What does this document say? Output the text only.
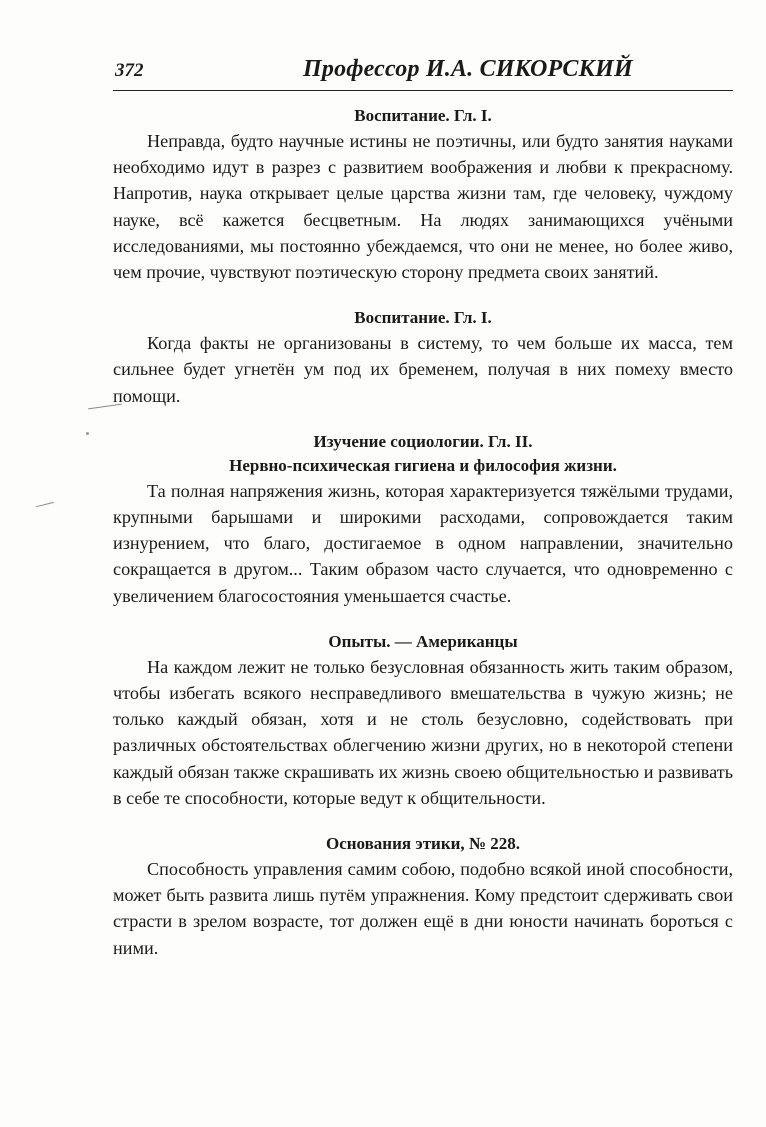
372	Профессор И.А. СИКОРСКИЙ

Воспитание. Гл. I.

Неправда, будто научные истины не поэтичны, или будто занятия науками необходимо идут в разрез с развитием воображения и любви к прекрасному. Напротив, наука открывает целые царства жизни там, где человеку, чуждому науке, всё кажется бесцветным. На людях занимающихся учёными исследованиями, мы постоянно убеждаемся, что они не менее, но более живо, чем прочие, чувствуют поэтическую сторону предмета своих занятий.

Воспитание. Гл. I.

Когда факты не организованы в систему, то чем больше их масса, тем сильнее будет угнетён ум под их бременем, получая в них помеху вместо помощи.

Изучение социологии. Гл. II.

Нервно-психическая гигиена и философия жизни.

Та полная напряжения жизнь, которая характеризуется тяжёлыми трудами, крупными барышами и широкими расходами, сопровождается таким изнурением, что благо, достигаемое в одном направлении, значительно сокращается в другом... Таким образом часто случается, что одновременно с увеличением благосостояния уменьшается счастье.

Опыты. — Американцы

На каждом лежит не только безусловная обязанность жить таким образом, чтобы избегать всякого несправедливого вмешательства в чужую жизнь; не только каждый обязан, хотя и не столь безусловно, содействовать при различных обстоятельствах облегчению жизни других, но в некоторой степени каждый обязан также скрашивать их жизнь своею общительностью и развивать в себе те способности, которые ведут к общительности.

Основания этики, № 228.

Способность управления самим собою, подобно всякой иной способности, может быть развита лишь путём упражнения. Кому предстоит сдерживать свои страсти в зрелом возрасте, тот должен ещё в дни юности начинать бороться с ними.
